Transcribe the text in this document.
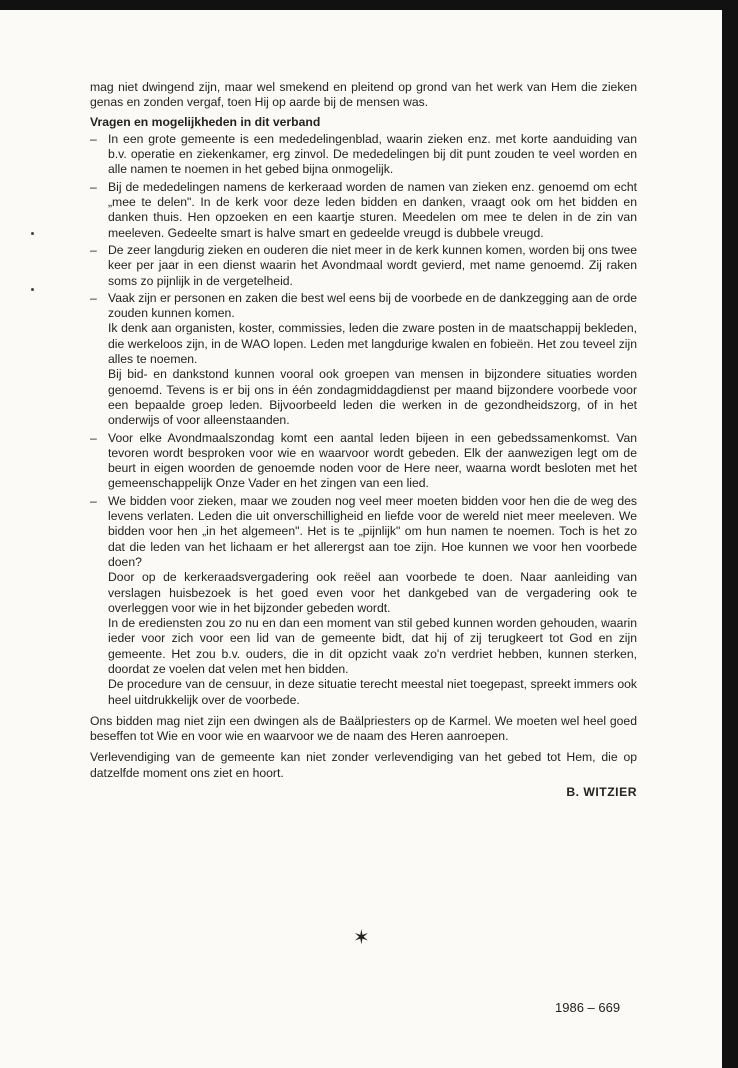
mag niet dwingend zijn, maar wel smekend en pleitend op grond van het werk van Hem die zieken genas en zonden vergaf, toen Hij op aarde bij de mensen was.

Vragen en mogelijkheden in dit verband

– In een grote gemeente is een mededelingenblad, waarin zieken enz. met korte aanduiding van b.v. operatie en ziekenkamer, erg zinvol. De mededelingen bij dit punt zouden te veel worden en alle namen te noemen in het gebed bijna onmogelijk.

– Bij de mededelingen namens de kerkeraad worden de namen van zieken enz. genoemd om echt „mee te delen". In de kerk voor deze leden bidden en danken, vraagt ook om het bidden en danken thuis. Hen opzoeken en een kaartje sturen. Meedelen om mee te delen in de zin van meeleven. Gedeelte smart is halve smart en gedeelde vreugd is dubbele vreugd.

– De zeer langdurig zieken en ouderen die niet meer in de kerk kunnen komen, worden bij ons twee keer per jaar in een dienst waarin het Avondmaal wordt gevierd, met name genoemd. Zij raken soms zo pijnlijk in de vergetelheid.

– Vaak zijn er personen en zaken die best wel eens bij de voorbede en de dankzegging aan de orde zouden kunnen komen.

Ik denk aan organisten, koster, commissies, leden die zware posten in de maatschappij bekleden, die werkeloos zijn, in de WAO lopen. Leden met langdurige kwalen en fobieën. Het zou teveel zijn alles te noemen.

Bij bid- en dankstond kunnen vooral ook groepen van mensen in bijzondere situaties worden genoemd. Tevens is er bij ons in één zondagmiddagdienst per maand bijzondere voorbede voor een bepaalde groep leden. Bijvoorbeeld leden die werken in de gezondheidszorg, of in het onderwijs of voor alleenstaanden.

– Voor elke Avondmaalszondag komt een aantal leden bijeen in een gebedssamenkomst. Van tevoren wordt besproken voor wie en waarvoor wordt gebeden. Elk der aanwezigen legt om de beurt in eigen woorden de genoemde noden voor de Here neer, waarna wordt besloten met het gemeenschappelijk Onze Vader en het zingen van een lied.

– We bidden voor zieken, maar we zouden nog veel meer moeten bidden voor hen die de weg des levens verlaten. Leden die uit onverschilligheid en liefde voor de wereld niet meer meeleven. We bidden voor hen „in het algemeen". Het is te „pijnlijk" om hun namen te noemen. Toch is het zo dat die leden van het lichaam er het allerergst aan toe zijn. Hoe kunnen we voor hen voorbede doen?

Door op de kerkeraadsvergadering ook reëel aan voorbede te doen. Naar aanleiding van verslagen huisbezoek is het goed even voor het dankgebed van de vergadering ook te overleggen voor wie in het bijzonder gebeden wordt.

In de erediensten zou zo nu en dan een moment van stil gebed kunnen worden gehouden, waarin ieder voor zich voor een lid van de gemeente bidt, dat hij of zij terugkeert tot God en zijn gemeente. Het zou b.v. ouders, die in dit opzicht vaak zo'n verdriet hebben, kunnen sterken, doordat ze voelen dat velen met hen bidden.

De procedure van de censuur, in deze situatie terecht meestal niet toegepast, spreekt immers ook heel uitdrukkelijk over de voorbede.

Ons bidden mag niet zijn een dwingen als de Baälpriesters op de Karmel. We moeten wel heel goed beseffen tot Wie en voor wie en waarvoor we de naam des Heren aanroepen.

Verlevendiging van de gemeente kan niet zonder verlevendiging van het gebed tot Hem, die op datzelfde moment ons ziet en hoort.

B. WITZIER

✶
1986 – 669
